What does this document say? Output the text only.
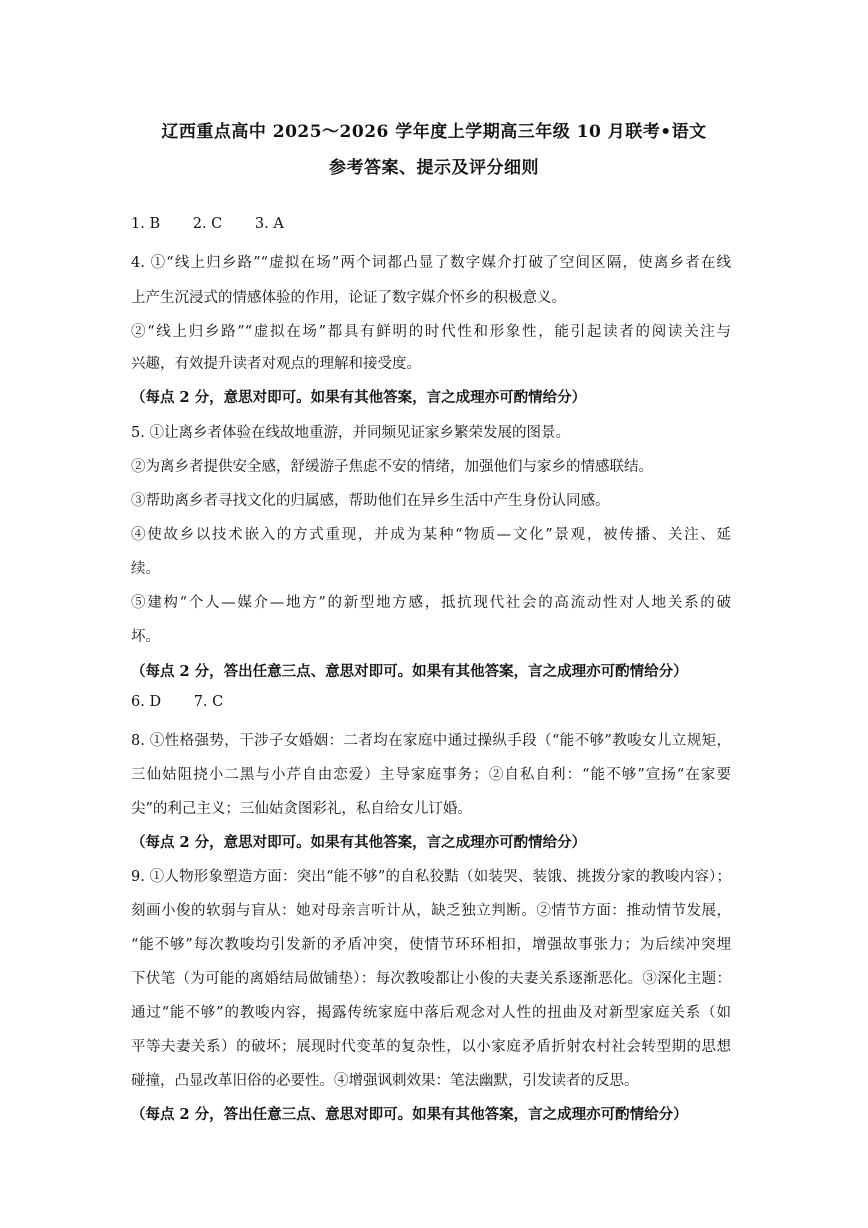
辽西重点高中 2025～2026 学年度上学期高三年级 10 月联考•语文
参考答案、提示及评分细则
1. B 2. C 3. A
4. ①“线上归乡路”“虚拟在场”两个词都凸显了数字媒介打破了空间区隔，使离乡者在线
上产生沉浸式的情感体验的作用，论证了数字媒介怀乡的积极意义。
②“线上归乡路”“虚拟在场”都具有鲜明的时代性和形象性，能引起读者的阅读关注与
兴趣，有效提升读者对观点的理解和接受度。
（每点 2 分，意思对即可。如果有其他答案，言之成理亦可酌情给分）
5. ①让离乡者体验在线故地重游，并同频见证家乡繁荣发展的图景。
②为离乡者提供安全感，舒缓游子焦虑不安的情绪，加强他们与家乡的情感联结。
③帮助离乡者寻找文化的归属感，帮助他们在异乡生活中产生身份认同感。
④使故乡以技术嵌入的方式重现，并成为某种“物质—文化”景观，被传播、关注、延
续。
⑤建构“个人—媒介—地方”的新型地方感，抵抗现代社会的高流动性对人地关系的破
坏。
（每点 2 分，答出任意三点、意思对即可。如果有其他答案，言之成理亦可酌情给分）
6. D 7. C
8. ①性格强势，干涉子女婚姻：二者均在家庭中通过操纵手段（“能不够”教唆女儿立规矩，
三仙姑阻挠小二黑与小芹自由恋爱）主导家庭事务；②自私自利：“能不够”宣扬“在家要
尖”的利己主义；三仙姑贪图彩礼，私自给女儿订婚。
（每点 2 分，意思对即可。如果有其他答案，言之成理亦可酌情给分）
9. ①人物形象塑造方面：突出“能不够”的自私狡黠（如装哭、装饿、挑拨分家的教唆内容）；
刻画小俊的软弱与盲从：她对母亲言听计从，缺乏独立判断。②情节方面：推动情节发展，
“能不够”每次教唆均引发新的矛盾冲突，使情节环环相扣，增强故事张力；为后续冲突埋
下伏笔（为可能的离婚结局做铺垫）：每次教唆都让小俊的夫妻关系逐渐恶化。③深化主题：
通过“能不够”的教唆内容，揭露传统家庭中落后观念对人性的扭曲及对新型家庭关系（如
平等夫妻关系）的破坏；展现时代变革的复杂性，以小家庭矛盾折射农村社会转型期的思想
碰撞，凸显改革旧俗的必要性。④增强讽刺效果：笔法幽默，引发读者的反思。
（每点 2 分，答出任意三点、意思对即可。如果有其他答案，言之成理亦可酌情给分）
